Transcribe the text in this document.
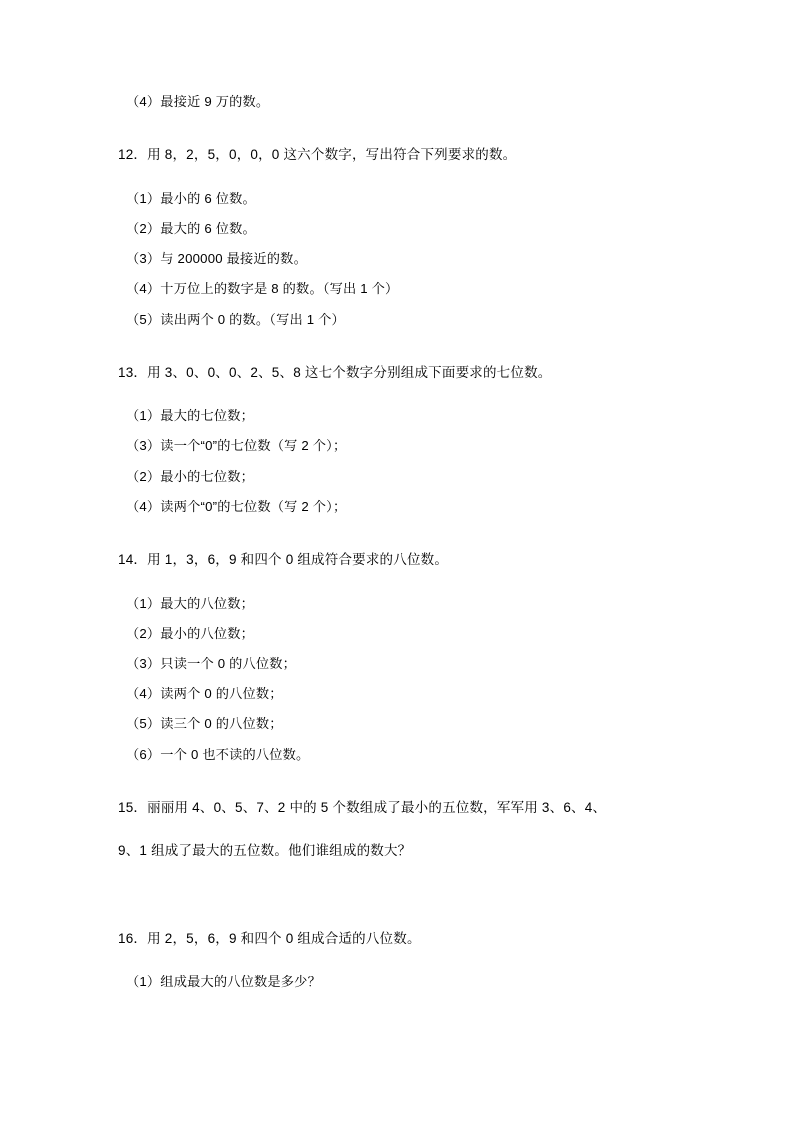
（4）最接近 9 万的数。
12．用 8，2，5，0，0，0 这六个数字，写出符合下列要求的数。
（1）最小的 6 位数。
（2）最大的 6 位数。
（3）与 200000 最接近的数。
（4）十万位上的数字是 8 的数。（写出 1 个）
（5）读出两个 0 的数。（写出 1 个）
13．用 3、0、0、0、2、5、8 这七个数字分别组成下面要求的七位数。
（1）最大的七位数；
（3）读一个“0”的七位数（写 2 个）；
（2）最小的七位数；
（4）读两个“0”的七位数（写 2 个）；
14．用 1，3，6，9 和四个 0 组成符合要求的八位数。
（1）最大的八位数；
（2）最小的八位数；
（3）只读一个 0 的八位数；
（4）读两个 0 的八位数；
（5）读三个 0 的八位数；
（6）一个 0 也不读的八位数。
15．丽丽用 4、0、5、7、2 中的 5 个数组成了最小的五位数，军军用 3、6、4、
9、1 组成了最大的五位数。他们谁组成的数大？
16．用 2，5，6，9 和四个 0 组成合适的八位数。
（1）组成最大的八位数是多少？
